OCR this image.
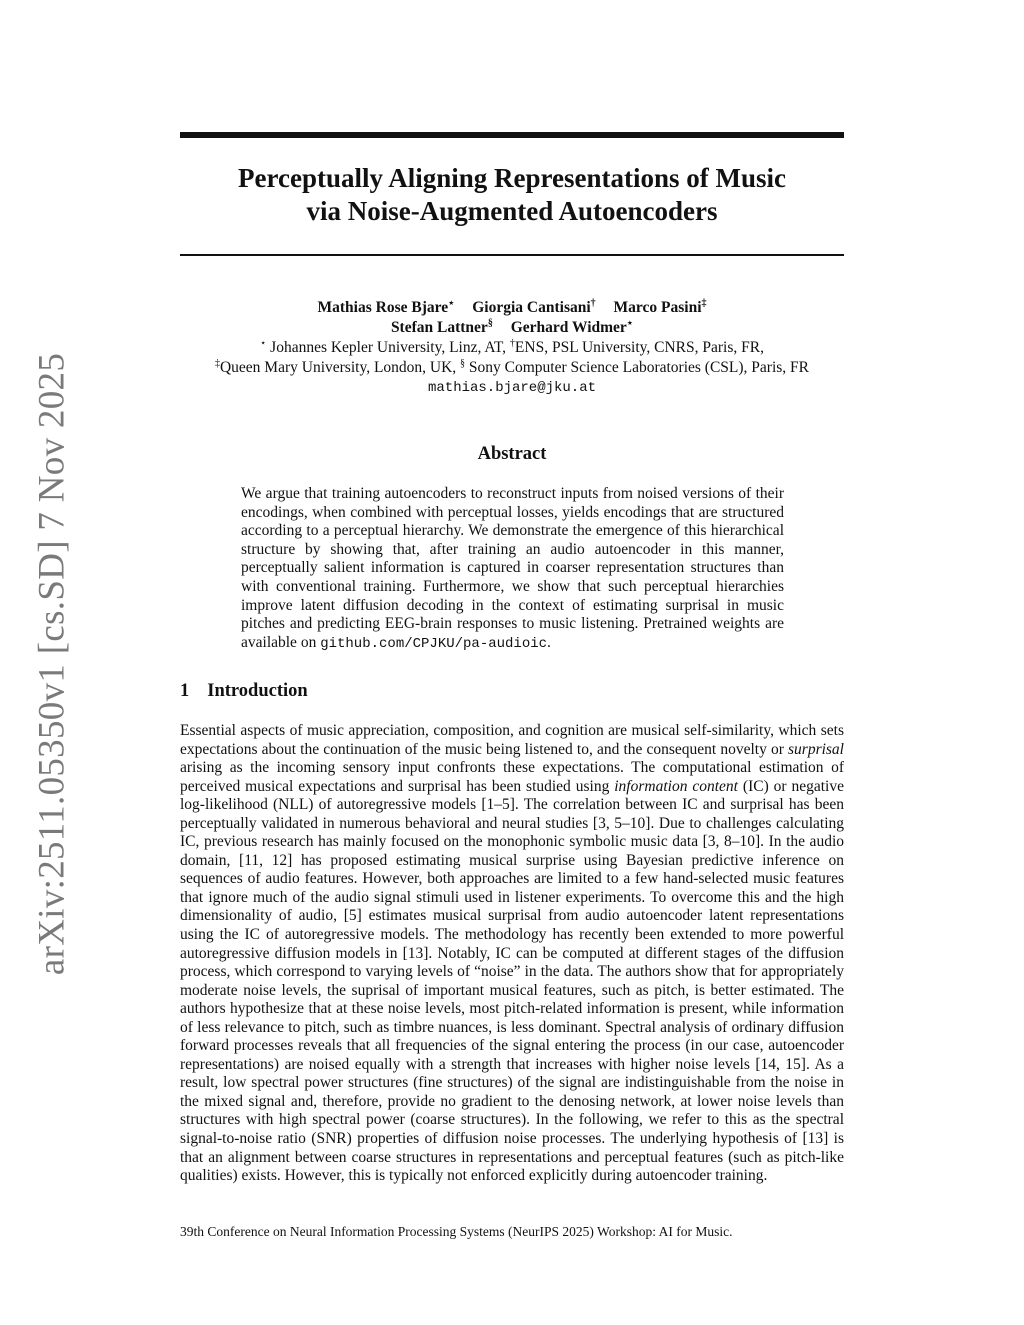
arXiv:2511.05350v1 [cs.SD] 7 Nov 2025
Perceptually Aligning Representations of Music
via Noise-Augmented Autoencoders
Mathias Rose Bjare⋆ Giorgia Cantisani† Marco Pasini‡
Stefan Lattner§ Gerhard Widmer⋆
⋆ Johannes Kepler University, Linz, AT, †ENS, PSL University, CNRS, Paris, FR,
‡Queen Mary University, London, UK, § Sony Computer Science Laboratories (CSL), Paris, FR
mathias.bjare@jku.at
Abstract

We argue that training autoencoders to reconstruct inputs from noised versions of their encodings, when combined with perceptual losses, yields encodings that are structured according to a perceptual hierarchy. We demonstrate the emergence of this hierarchical structure by showing that, after training an audio autoencoder in this manner, perceptually salient information is captured in coarser representation structures than with conventional training. Furthermore, we show that such perceptual hierarchies improve latent diffusion decoding in the context of estimating surprisal in music pitches and predicting EEG-brain responses to music listening. Pretrained weights are available on github.com/CPJKU/pa-audioic.

1 Introduction

Essential aspects of music appreciation, composition, and cognition are musical self-similarity, which sets expectations about the continuation of the music being listened to, and the consequent novelty or surprisal arising as the incoming sensory input confronts these expectations. The computational estimation of perceived musical expectations and surprisal has been studied using information content (IC) or negative log-likelihood (NLL) of autoregressive models [1–5]. The correlation between IC and surprisal has been perceptually validated in numerous behavioral and neural studies [3, 5–10]. Due to challenges calculating IC, previous research has mainly focused on the monophonic symbolic music data [3, 8–10]. In the audio domain, [11, 12] has proposed estimating musical surprise using Bayesian predictive inference on sequences of audio features. However, both approaches are limited to a few hand-selected music features that ignore much of the audio signal stimuli used in listener experiments. To overcome this and the high dimensionality of audio, [5] estimates musical surprisal from audio autoencoder latent representations using the IC of autoregressive models. The methodology has recently been extended to more powerful autoregressive diffusion models in [13]. Notably, IC can be computed at different stages of the diffusion process, which correspond to varying levels of “noise” in the data. The authors show that for appropriately moderate noise levels, the suprisal of important musical features, such as pitch, is better estimated. The authors hypothesize that at these noise levels, most pitch-related information is present, while information of less relevance to pitch, such as timbre nuances, is less dominant. Spectral analysis of ordinary diffusion forward processes reveals that all frequencies of the signal entering the process (in our case, autoencoder representations) are noised equally with a strength that increases with higher noise levels [14, 15]. As a result, low spectral power structures (fine structures) of the signal are indistinguishable from the noise in the mixed signal and, therefore, provide no gradient to the denosing network, at lower noise levels than structures with high spectral power (coarse structures). In the following, we refer to this as the spectral signal-to-noise ratio (SNR) properties of diffusion noise processes. The underlying hypothesis of [13] is that an alignment between coarse structures in representations and perceptual features (such as pitch-like qualities) exists. However, this is typically not enforced explicitly during autoencoder training.

39th Conference on Neural Information Processing Systems (NeurIPS 2025) Workshop: AI for Music.
